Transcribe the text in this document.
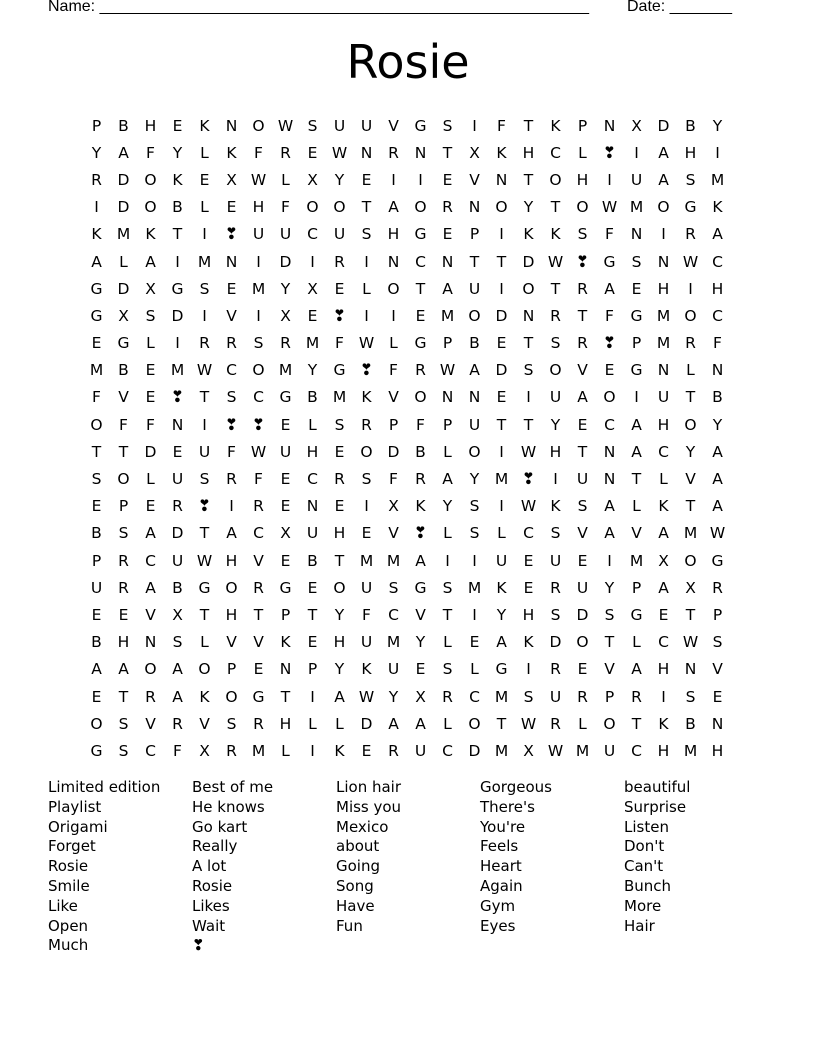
Name: _______________________________________________________ Date: _______
Rosie
P	B	H	E	K	N O W S	U	U	V	G	S	I	F	T	K	P	N	X	D	B	Y
Y	A	F	Y	L	K	F	R	E W N	R	N	T	X	K	H	C	L	❣	I	A	H	I
R	D O	K	E	X W L	X	Y	E	I	I	E	V	N	T	O H	I	U	A	S M
I	D O	B	L	E	H	F	O O	T	A	O	R	N O	Y	T	O W M O G	K
K M K	T	I	❣ U	U	C	U	S	H G	E	P	I	K	K	S	F	N	I	R	A
A	L	A	I	M N	I	D	I	R	I	N	C	N	T	T	D W ❣ G	S	N W C
G D	X	G	S	E M	Y	X	E	L	O	T	A	U	I	O	T	R	A	E	H	I	H
G	X	S	D	I	V	I	X	E	❣	I	I	E M O D N	R	T	F	G M O C
E	G	L	I	R	R	S	R M	F W L	G	P	B	E	T	S	R ❣	P	M R	F
M B	E M W C O M	Y	G ❣	F	R W A	D	S	O	V	E	G N	L	N
F	V	E	❣	T	S	C	G	B M K	V	O N N	E	I	U	A	O	I	U	T	B
O	F	F	N	I	❣ ❣	E	L	S	R	P	F	P	U	T	T	Y	E	C	A	H O	Y
T	T	D	E	U	F W U	H	E	O D	B	L	O	I	W H	T	N	A	C	Y	A
S	O	L	U	S	R	F	E	C	R	S	F	R	A	Y	M ❣	I	U	N	T	L	V	A
E	P	E	R ❣	I	R	E	N	E	I	X	K	Y	S	I	W K	S	A	L	K	T	A
B	S	A	D	T	A	C	X	U	H	E	V ❣	L	S	L	C	S	V	A	V	A M W
P	R	C	U W H	V	E	B	T	M M A	I	I	U	E	U	E	I	M X	O G
U	R	A	B	G O	R	G	E	O U	S	G	S M K	E	R	U	Y	P	A	X	R
E	E	V	X	T	H	T	P	T	Y	F	C	V	T	I	Y	H	S	D	S	G	E	T	P
B	H N	S	L	V	V	K	E	H U M	Y	L	E	A	K	D O	T	L	C W S
A	A	O	A	O	P	E	N	P	Y	K	U	E	S	L	G	I	R	E	V	A	H N	V
E	T	R	A	K	O G	T	I	A W Y	X	R	C M S	U	R	P	R	I	S	E
O	S	V	R	V	S	R	H	L	L	D	A	A	L	O	T W R	L	O	T	K	B	N
G	S	C	F	X	R M	L	I	K	E	R	U	C	D M X W M U	C	H M H
Limited edition
Playlist
Origami
Forget
Rosie
Smile
Like
Open
Much
Best of me
He knows
Go kart
Really
A lot
Rosie
Likes
Wait
❣
Lion hair
Miss you
Mexico
about
Going
Song
Have
Fun
Gorgeous
There's
You're
Feels
Heart
Again
Gym
Eyes
beautiful
Surprise
Listen
Don't
Can't
Bunch
More
Hair
